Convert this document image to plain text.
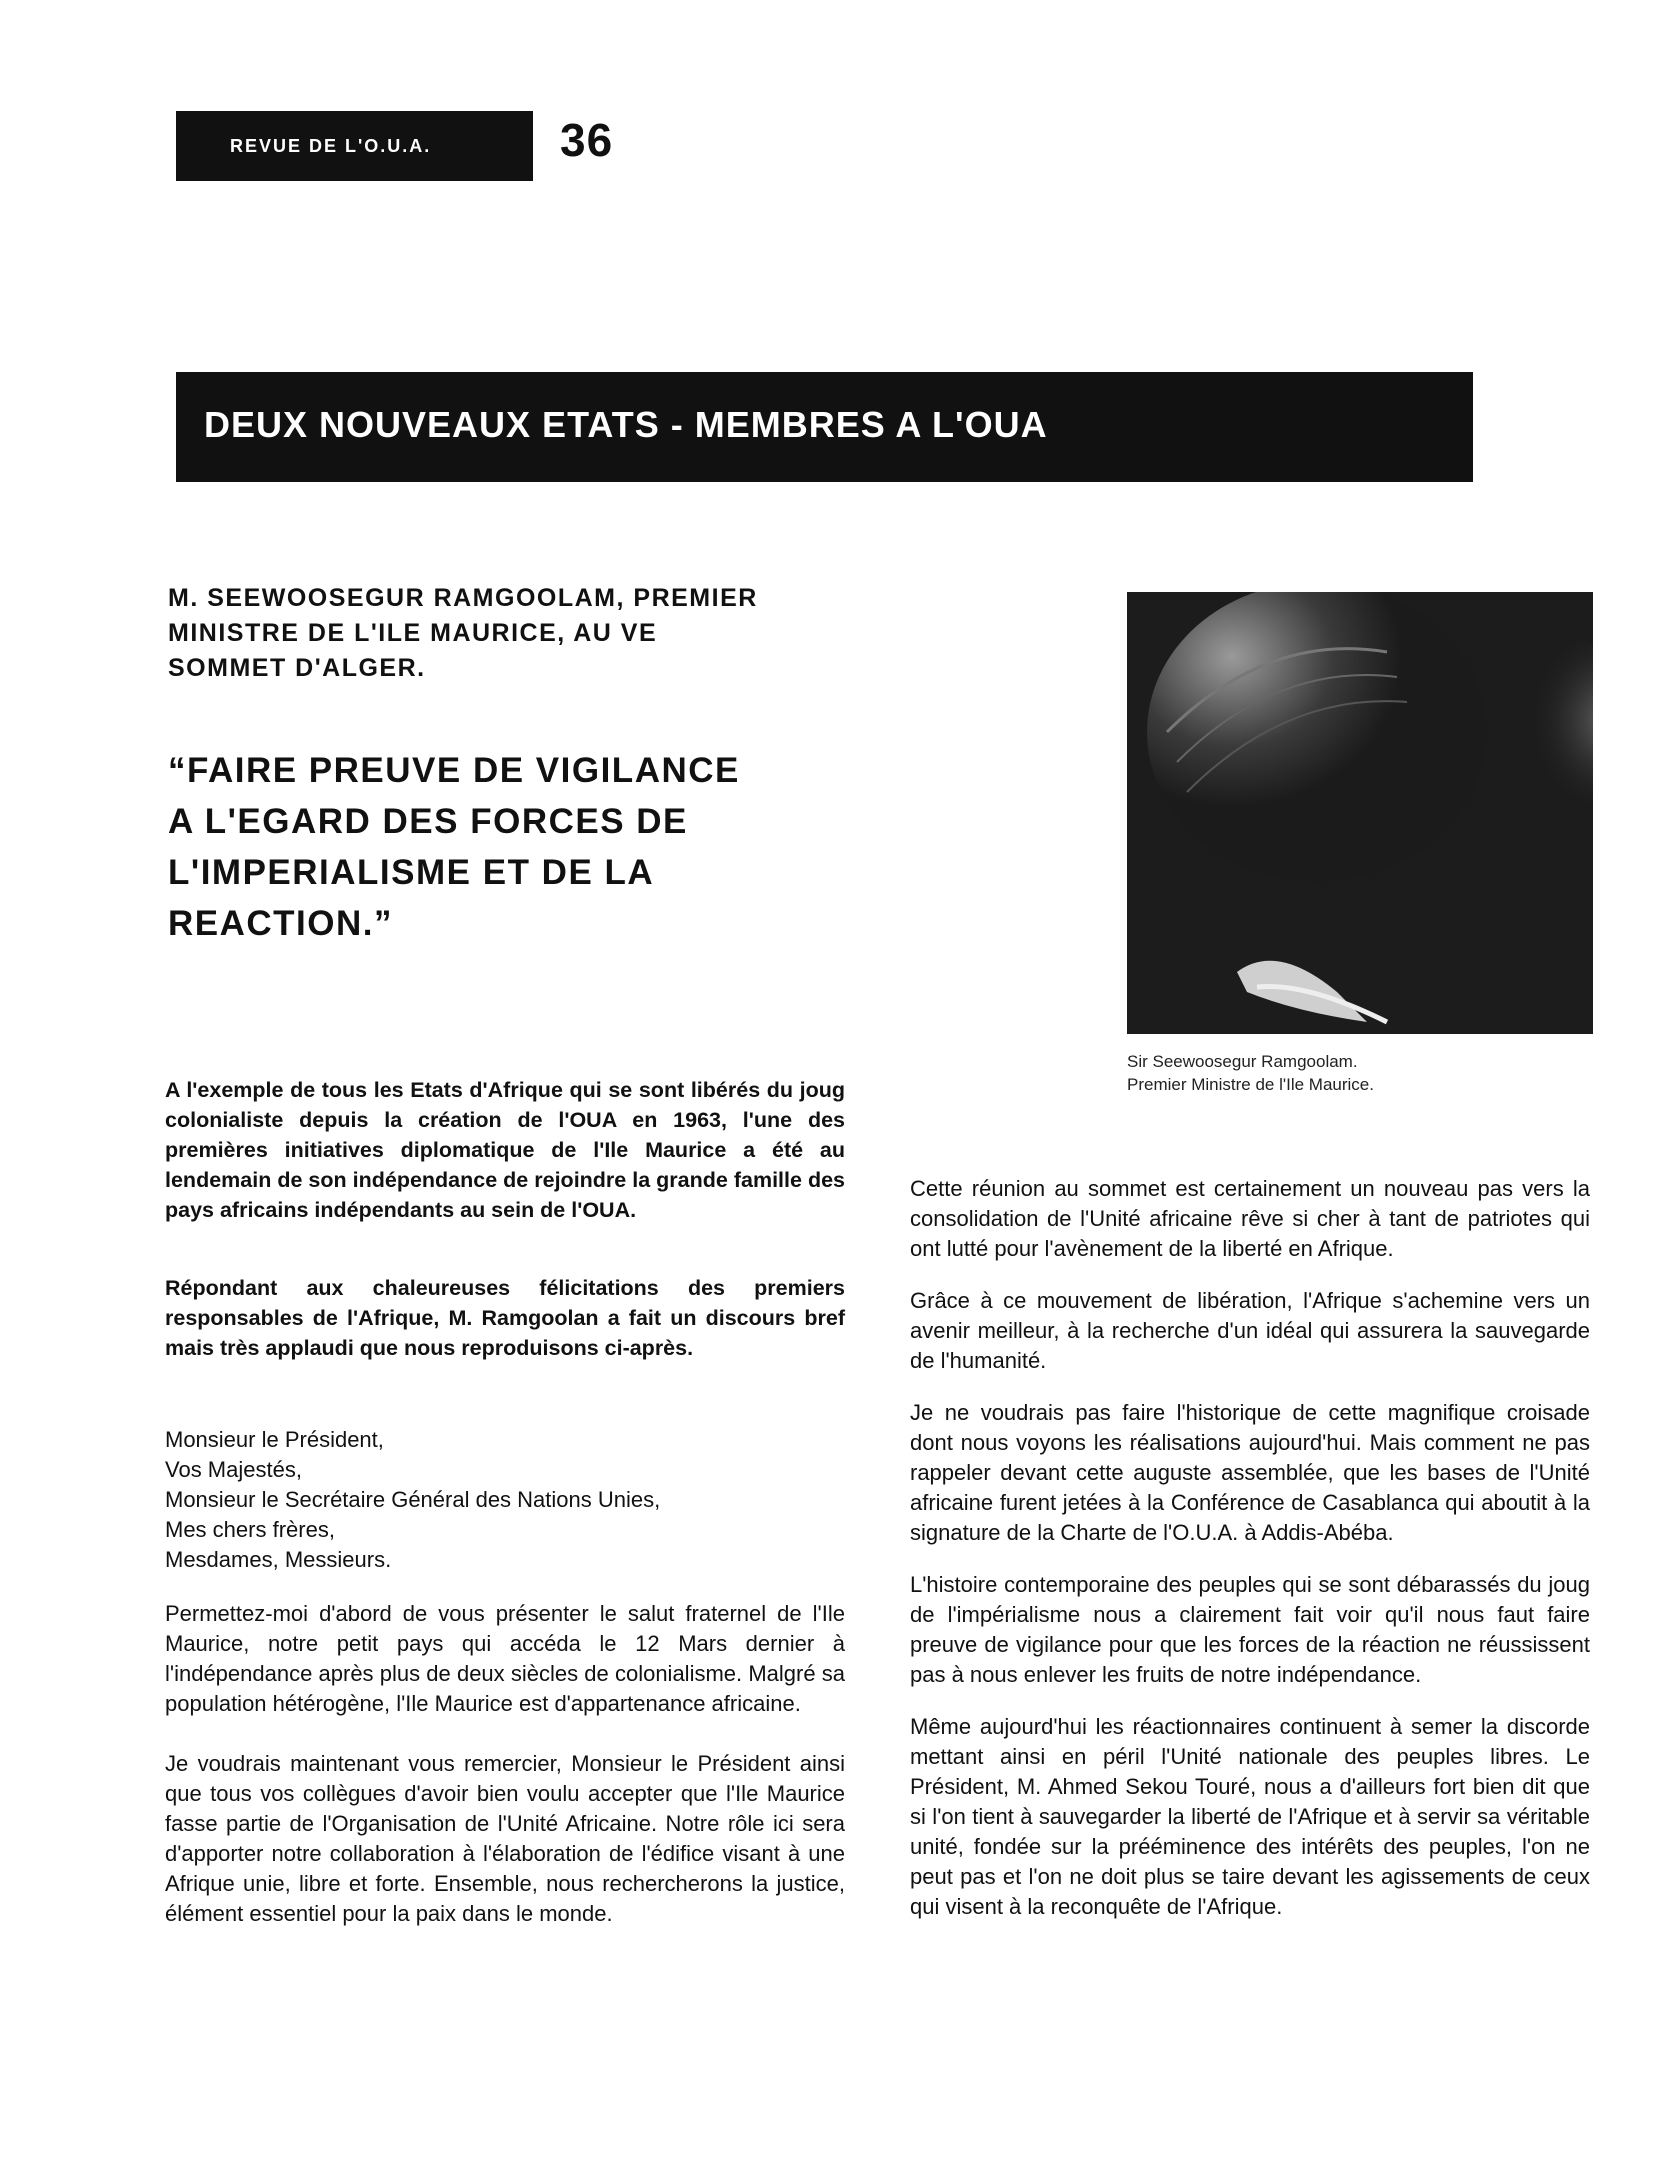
REVUE DE L'O.U.A.	36
DEUX NOUVEAUX ETATS - MEMBRES A L'OUA
M. SEEWOOSEGUR RAMGOOLAM, PREMIER
MINISTRE DE L'ILE MAURICE, AU VE
SOMMET D'ALGER.
“FAIRE PREUVE DE VIGILANCE
A L'EGARD DES FORCES DE
L'IMPERIALISME ET DE LA
REACTION.”
Sir Seewoosegur Ramgoolam.
Premier Ministre de l'Ile Maurice.

A l'exemple de tous les Etats d'Afrique qui se sont libérés du joug colonialiste depuis la création de l'OUA en 1963, l'une des premières initiatives diplomatique de l'Ile Maurice a été au lendemain de son indépendance de rejoindre la grande famille des pays africains indépendants au sein de l'OUA.

Répondant aux chaleureuses félicitations des premiers responsables de l'Afrique, M. Ramgoolan a fait un discours bref mais très applaudi que nous reproduisons ci-après.

Monsieur le Président,
Vos Majestés,
Monsieur le Secrétaire Général des Nations Unies,
Mes chers frères,
Mesdames, Messieurs.

Permettez-moi d'abord de vous présenter le salut fraternel de l'Ile Maurice, notre petit pays qui accéda le 12 Mars dernier à l'indépendance après plus de deux siècles de colonialisme. Malgré sa population hétérogène, l'Ile Maurice est d'appartenance africaine.

Je voudrais maintenant vous remercier, Monsieur le Président ainsi que tous vos collègues d'avoir bien voulu accepter que l'Ile Maurice fasse partie de l'Organisation de l'Unité Africaine. Notre rôle ici sera d'apporter notre collaboration à l'élaboration de l'édifice visant à une Afrique unie, libre et forte. Ensemble, nous rechercherons la justice, élément essentiel pour la paix dans le monde.

Cette réunion au sommet est certainement un nouveau pas vers la consolidation de l'Unité africaine rêve si cher à tant de patriotes qui ont lutté pour l'avènement de la liberté en Afrique.

Grâce à ce mouvement de libération, l'Afrique s'achemine vers un avenir meilleur, à la recherche d'un idéal qui assurera la sauvegarde de l'humanité.

Je ne voudrais pas faire l'historique de cette magnifique croisade dont nous voyons les réalisations aujourd'hui. Mais comment ne pas rappeler devant cette auguste assemblée, que les bases de l'Unité africaine furent jetées à la Conférence de Casablanca qui aboutit à la signature de la Charte de l'O.U.A. à Addis-Abéba.

L'histoire contemporaine des peuples qui se sont débarassés du joug de l'impérialisme nous a clairement fait voir qu'il nous faut faire preuve de vigilance pour que les forces de la réaction ne réussissent pas à nous enlever les fruits de notre indépendance.

Même aujourd'hui les réactionnaires continuent à semer la discorde mettant ainsi en péril l'Unité nationale des peuples libres. Le Président, M. Ahmed Sekou Touré, nous a d'ailleurs fort bien dit que si l'on tient à sauvegarder la liberté de l'Afrique et à servir sa véritable unité, fondée sur la prééminence des intérêts des peuples, l'on ne peut pas et l'on ne doit plus se taire devant les agissements de ceux qui visent à la reconquête de l'Afrique.
